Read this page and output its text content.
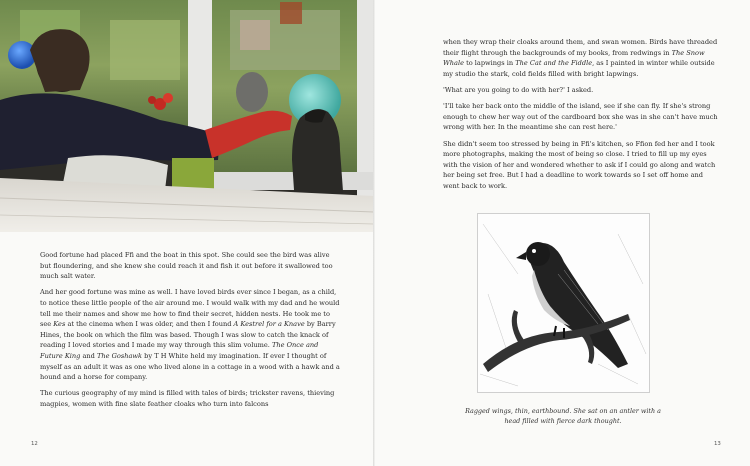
Good fortune had placed Ffi and the boat in this spot. She could see the bird was alive but floundering, and she knew she could reach it and fish it out before it swallowed too much salt water.

And her good fortune was mine as well. I have loved birds ever since I began, as a child, to notice these little people of the air around me. I would walk with my dad and he would tell me their names and show me how to find their secret, hidden nests. He took me to see Kes at the cinema when I was older, and then I found A Kestrel for a Knave by Barry Hines, the book on which the film was based. Though I was slow to catch the knack of reading I loved stories and I made my way through this slim volume. The Once and Future King and The Goshawk by T H White held my imagination. If ever I thought of myself as an adult it was as one who lived alone in a cottage in a wood with a hawk and a hound and a horse for company.

The curious geography of my mind is filled with tales of birds; trickster ravens, thieving magpies, women with fine slate feather cloaks who turn into falcons

12

when they wrap their cloaks around them, and swan women. Birds have threaded their flight through the backgrounds of my books, from redwings in The Snow Whale to lapwings in The Cat and the Fiddle, as I painted in winter while outside my studio the stark, cold fields filled with bright lapwings.

'What are you going to do with her?' I asked.

'I'll take her back onto the middle of the island, see if she can fly. If she's strong enough to chew her way out of the cardboard box she was in she can't have much wrong with her. In the meantime she can rest here.'

She didn't seem too stressed by being in Ffi's kitchen, so Ffion fed her and I took more photographs, making the most of being so close. I tried to fill up my eyes with the vision of her and wondered whether to ask if I could go along and watch her being set free. But I had a deadline to work towards so I set off home and went back to work.

Ragged wings, thin, earthbound. She sat on an antler with a
head filled with fierce dark thought.
13
